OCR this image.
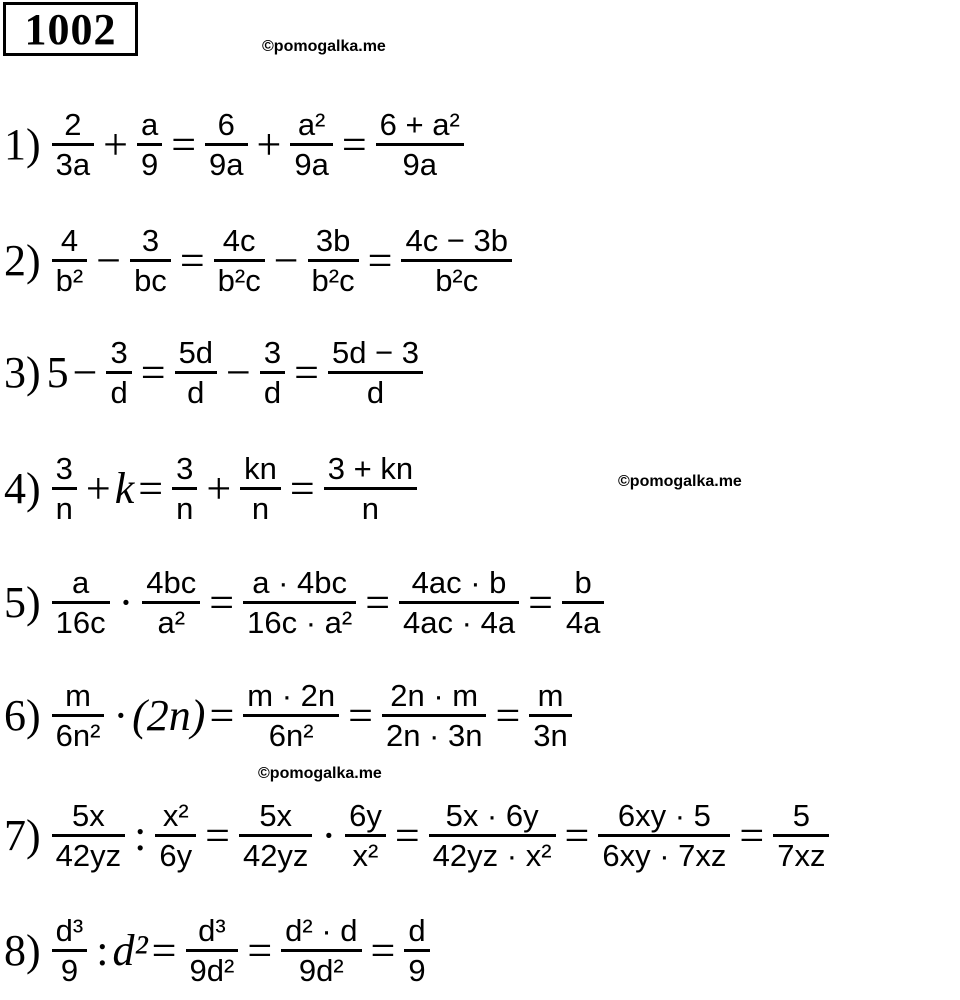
1002	©pomogalka.me
©pomogalka.me
©pomogalka.me
$1) \frac{2}{3a} + \frac{a}{9} = \frac{6}{9a} + \frac{\text{a²}}{9a} = \frac{\text{6 + a²}}{9a}$
$2) \frac{4}{\text{b²}} - \frac{3}{bc} = \frac{4c}{\text{b²c}} - \frac{3b}{\text{b²c}} = \frac{4c - 3b}{\text{b²c}}$
3) $5 - \frac{3}{d} = \frac{5d}{d} - \frac{3}{d} = \frac{5d - 3}{d}$
$4) \frac{3}{n} + k = \frac{3}{n} + \frac{kn}{n} = \frac{3 + kn}{n}$
$5) \frac{a}{16c} \cdot \frac{4bc}{\text{a²}} = \frac{a \cdot 4bc}{\text{16c · a²}} = \frac{4ac \cdot b}{4ac \cdot 4a} = \frac{b}{4a}$
$6) \frac{m}{\text{6n²}} \cdot (2n) = \frac{m \cdot 2n}{\text{6n²}} = \frac{2n \cdot m}{2n \cdot 3n} = \frac{m}{3n}$
$7) \frac{5x}{42yz}$ : $\frac{\text{x²}}{6y} = \frac{5x}{42yz} \cdot \frac{6y}{\text{x²}} = \frac{5x \cdot 6y}{\text{42yz · x²}} = \frac{6xy \cdot 5}{6xy \cdot 7xz} = \frac{5}{7xz}$
$8) \frac{\text{d³}}{9}$ : $d^2 = \frac{\text{d³}}{\text{9d²}} = \frac{\text{d² · d}}{\text{9d²}} = \frac{d}{9}$
